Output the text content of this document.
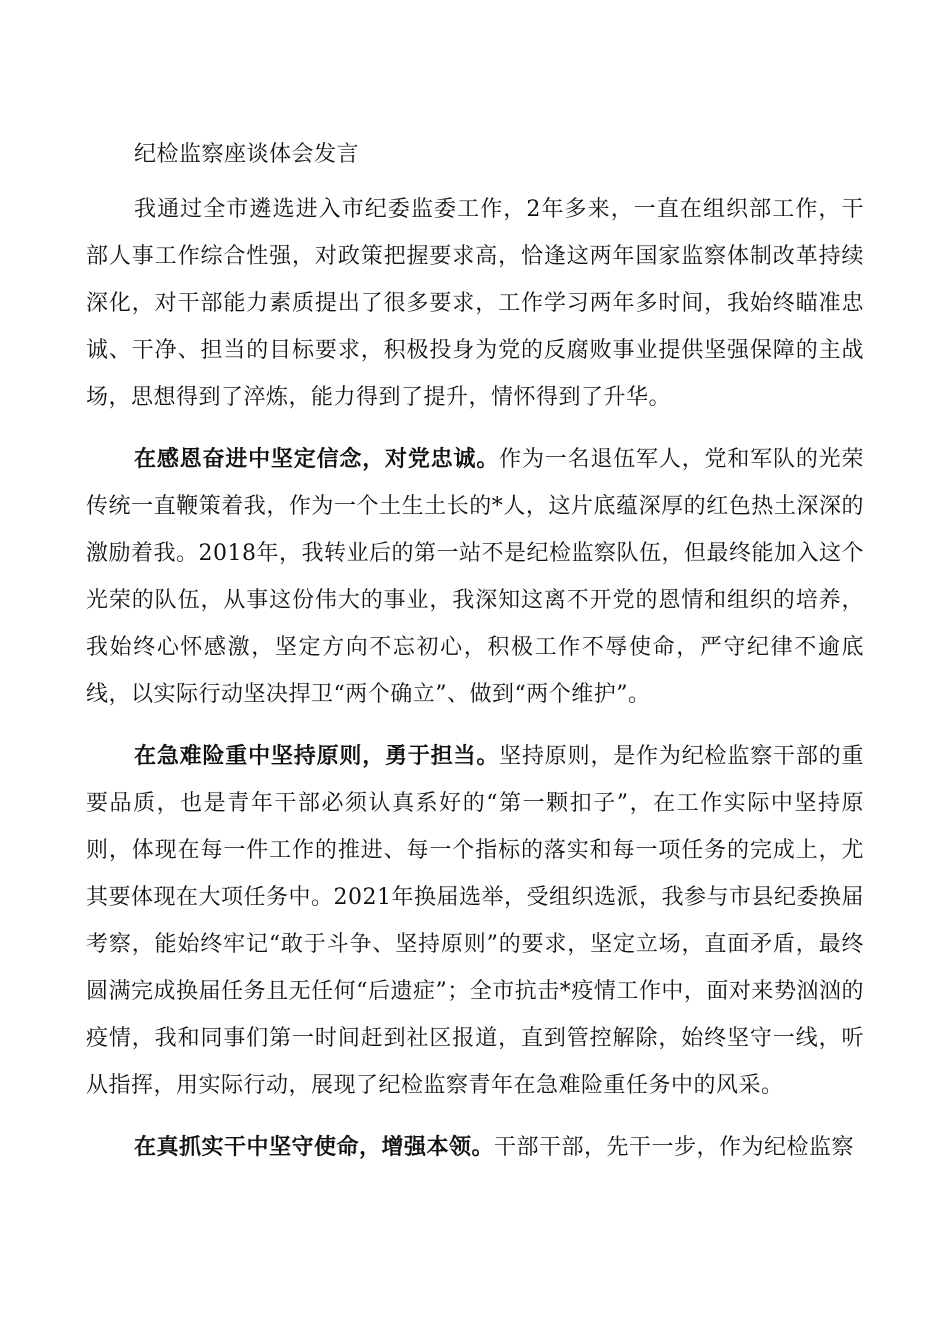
纪检监察座谈体会发言

我通过全市遴选进入市纪委监委工作，2年多来，一直在组织部工作，干部人事工作综合性强，对政策把握要求高，恰逢这两年国家监察体制改革持续深化，对干部能力素质提出了很多要求，工作学习两年多时间，我始终瞄准忠诚、干净、担当的目标要求，积极投身为党的反腐败事业提供坚强保障的主战场，思想得到了淬炼，能力得到了提升，情怀得到了升华。

在感恩奋进中坚定信念，对党忠诚。作为一名退伍军人，党和军队的光荣传统一直鞭策着我，作为一个土生土长的*人，这片底蕴深厚的红色热土深深的激励着我。2018年，我转业后的第一站不是纪检监察队伍，但最终能加入这个光荣的队伍，从事这份伟大的事业，我深知这离不开党的恩情和组织的培养，我始终心怀感激，坚定方向不忘初心，积极工作不辱使命，严守纪律不逾底线，以实际行动坚决捍卫“两个确立”、做到“两个维护”。

在急难险重中坚持原则，勇于担当。坚持原则，是作为纪检监察干部的重要品质，也是青年干部必须认真系好的“第一颗扣子”，在工作实际中坚持原则，体现在每一件工作的推进、每一个指标的落实和每一项任务的完成上，尤其要体现在大项任务中。2021年换届选举，受组织选派，我参与市县纪委换届考察，能始终牢记“敢于斗争、坚持原则”的要求，坚定立场，直面矛盾，最终圆满完成换届任务且无任何“后遗症”；全市抗击*疫情工作中，面对来势汹汹的疫情，我和同事们第一时间赶到社区报道，直到管控解除，始终坚守一线，听从指挥，用实际行动，展现了纪检监察青年在急难险重任务中的风采。

在真抓实干中坚守使命，增强本领。干部干部，先干一步，作为纪检监察
